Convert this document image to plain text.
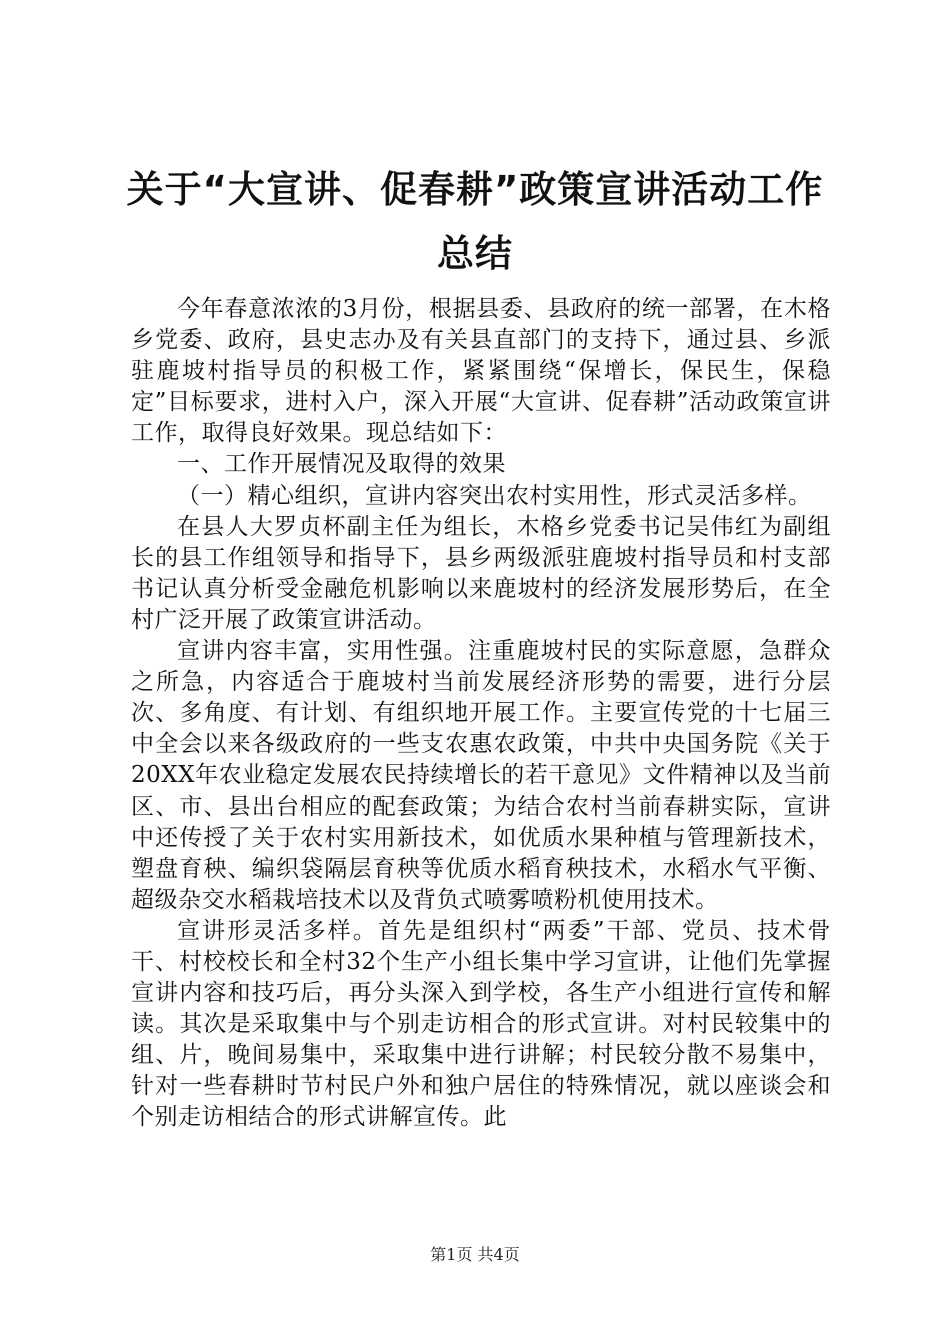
关于“大宣讲、促春耕”政策宣讲活动工作总结

今年春意浓浓的3月份，根据县委、县政府的统一部署，在木格乡党委、政府，县史志办及有关县直部门的支持下，通过县、乡派驻鹿坡村指导员的积极工作，紧紧围绕“保增长，保民生，保稳定”目标要求，进村入户，深入开展“大宣讲、促春耕”活动政策宣讲工作，取得良好效果。现总结如下：

一、工作开展情况及取得的效果

（一）精心组织，宣讲内容突出农村实用性，形式灵活多样。

在县人大罗贞杯副主任为组长，木格乡党委书记吴伟红为副组长的县工作组领导和指导下，县乡两级派驻鹿坡村指导员和村支部书记认真分析受金融危机影响以来鹿坡村的经济发展形势后，在全村广泛开展了政策宣讲活动。

宣讲内容丰富，实用性强。注重鹿坡村民的实际意愿，急群众之所急，内容适合于鹿坡村当前发展经济形势的需要，进行分层次、多角度、有计划、有组织地开展工作。主要宣传党的十七届三中全会以来各级政府的一些支农惠农政策，中共中央国务院《关于20XX年农业稳定发展农民持续增长的若干意见》文件精神以及当前区、市、县出台相应的配套政策；为结合农村当前春耕实际，宣讲中还传授了关于农村实用新技术，如优质水果种植与管理新技术，塑盘育秧、编织袋隔层育秧等优质水稻育秧技术，水稻水气平衡、超级杂交水稻栽培技术以及背负式喷雾喷粉机使用技术。

宣讲形灵活多样。首先是组织村“两委”干部、党员、技术骨干、村校校长和全村32个生产小组长集中学习宣讲，让他们先掌握宣讲内容和技巧后，再分头深入到学校，各生产小组进行宣传和解读。其次是采取集中与个别走访相合的形式宣讲。对村民较集中的组、片，晚间易集中，采取集中进行讲解；村民较分散不易集中，针对一些春耕时节村民户外和独户居住的特殊情况，就以座谈会和个别走访相结合的形式讲解宣传。此

第1页 共4页
